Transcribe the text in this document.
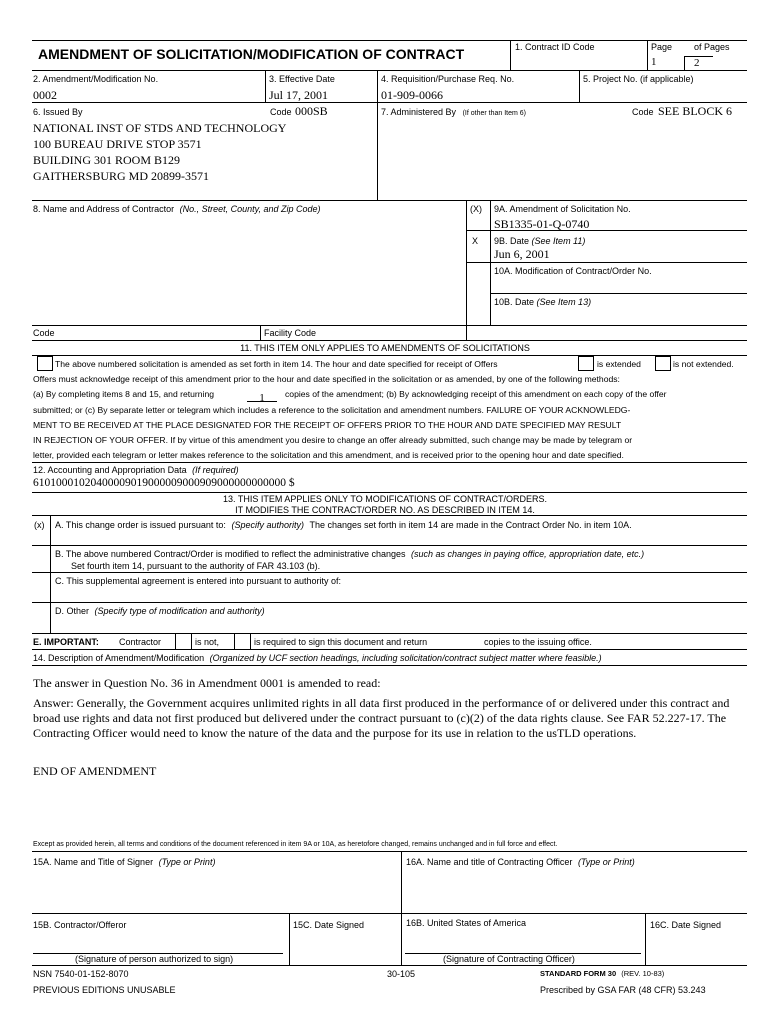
AMENDMENT OF SOLICITATION/MODIFICATION OF CONTRACT	1. Contract ID Code	Page of Pages
1	2
2. Amendment/Modification No.
0002
3. Effective Date
Jul 17, 2001
4. Requisition/Purchase Req. No.
01-909-0066
5. Project No. (if applicable)
6. Issued By	Code 000SB
NATIONAL INST OF STDS AND TECHNOLOGY
100 BUREAU DRIVE STOP 3571
BUILDING 301 ROOM B129
GAITHERSBURG MD 20899-3571
7. Administered By (If other than Item 6)	Code SEE BLOCK 6
8. Name and Address of Contractor (No., Street, County, and Zip Code)
Code	Facility Code
(X) 9A. Amendment of Solicitation No.
SB1335-01-Q-0740
X 9B. Date (See Item 11)
Jun 6, 2001
10A. Modification of Contract/Order No.
10B. Date (See Item 13)
11. THIS ITEM ONLY APPLIES TO AMENDMENTS OF SOLICITATIONS
The above numbered solicitation is amended as set forth in item 14. The hour and date specified for receipt of Offers	is extended	is not extended.
Offers must acknowledge receipt of this amendment prior to the hour and date specified in the solicitation or as amended, by one of the following methods:
(a) By completing items 8 and 15, and returning	1	copies of the amendment; (b) By acknowledging receipt of this amendment on each copy of the offer
submitted; or (c) By separate letter or telegram which includes a reference to the solicitation and amendment numbers. FAILURE OF YOUR ACKNOWLEDG-
MENT TO BE RECEIVED AT THE PLACE DESIGNATED FOR THE RECEIPT OF OFFERS PRIOR TO THE HOUR AND DATE SPECIFIED MAY RESULT
IN REJECTION OF YOUR OFFER. If by virtue of this amendment you desire to change an offer already submitted, such change may be made by telegram or
letter, provided each telegram or letter makes reference to the solicitation and this amendment, and is received prior to the opening hour and date specified.
12. Accounting and Appropriation Data (If required)
61010001020400009019000009000909000000000000 $
13. THIS ITEM APPLIES ONLY TO MODIFICATIONS OF CONTRACT/ORDERS.
IT MODIFIES THE CONTRACT/ORDER NO. AS DESCRIBED IN ITEM 14.
(x) A. This change order is issued pursuant to: (Specify authority) The changes set forth in item 14 are made in the Contract Order No. in item 10A.
B. The above numbered Contract/Order is modified to reflect the administrative changes (such as changes in paying office, appropriation date, etc.)
Set fourth item 14, pursuant to the authority of FAR 43.103 (b).
C. This supplemental agreement is entered into pursuant to authority of:
D. Other (Specify type of modification and authority)
E. IMPORTANT: Contractor	is not,	is required to sign this document and return	copies to the issuing office.
14. Description of Amendment/Modification (Organized by UCF section headings, including solicitation/contract subject matter where feasible.)
The answer in Question No. 36 in Amendment 0001 is amended to read:
Answer: Generally, the Government acquires unlimited rights in all data first produced in the performance of or delivered under this contract and broad use rights and data not first produced but delivered under the contract pursuant to (c)(2) of the data rights clause. See FAR 52.227-17. The Contracting Officer would need to know the nature of the data and the purpose for its use in relation to the usTLD operations.
END OF AMENDMENT
Except as provided herein, all terms and conditions of the document referenced in item 9A or 10A, as heretofore changed, remains unchanged and in full force and effect.
15A. Name and Title of Signer (Type or Print)	16A. Name and title of Contracting Officer (Type or Print)
15B. Contractor/Offeror	15C. Date Signed	16B. United States of America	16C. Date Signed
(Signature of person authorized to sign)	(Signature of Contracting Officer)
NSN 7540-01-152-8070
PREVIOUS EDITIONS UNUSABLE
30-105	STANDARD FORM 30 (REV. 10-83)
Prescribed by GSA FAR (48 CFR) 53.243
